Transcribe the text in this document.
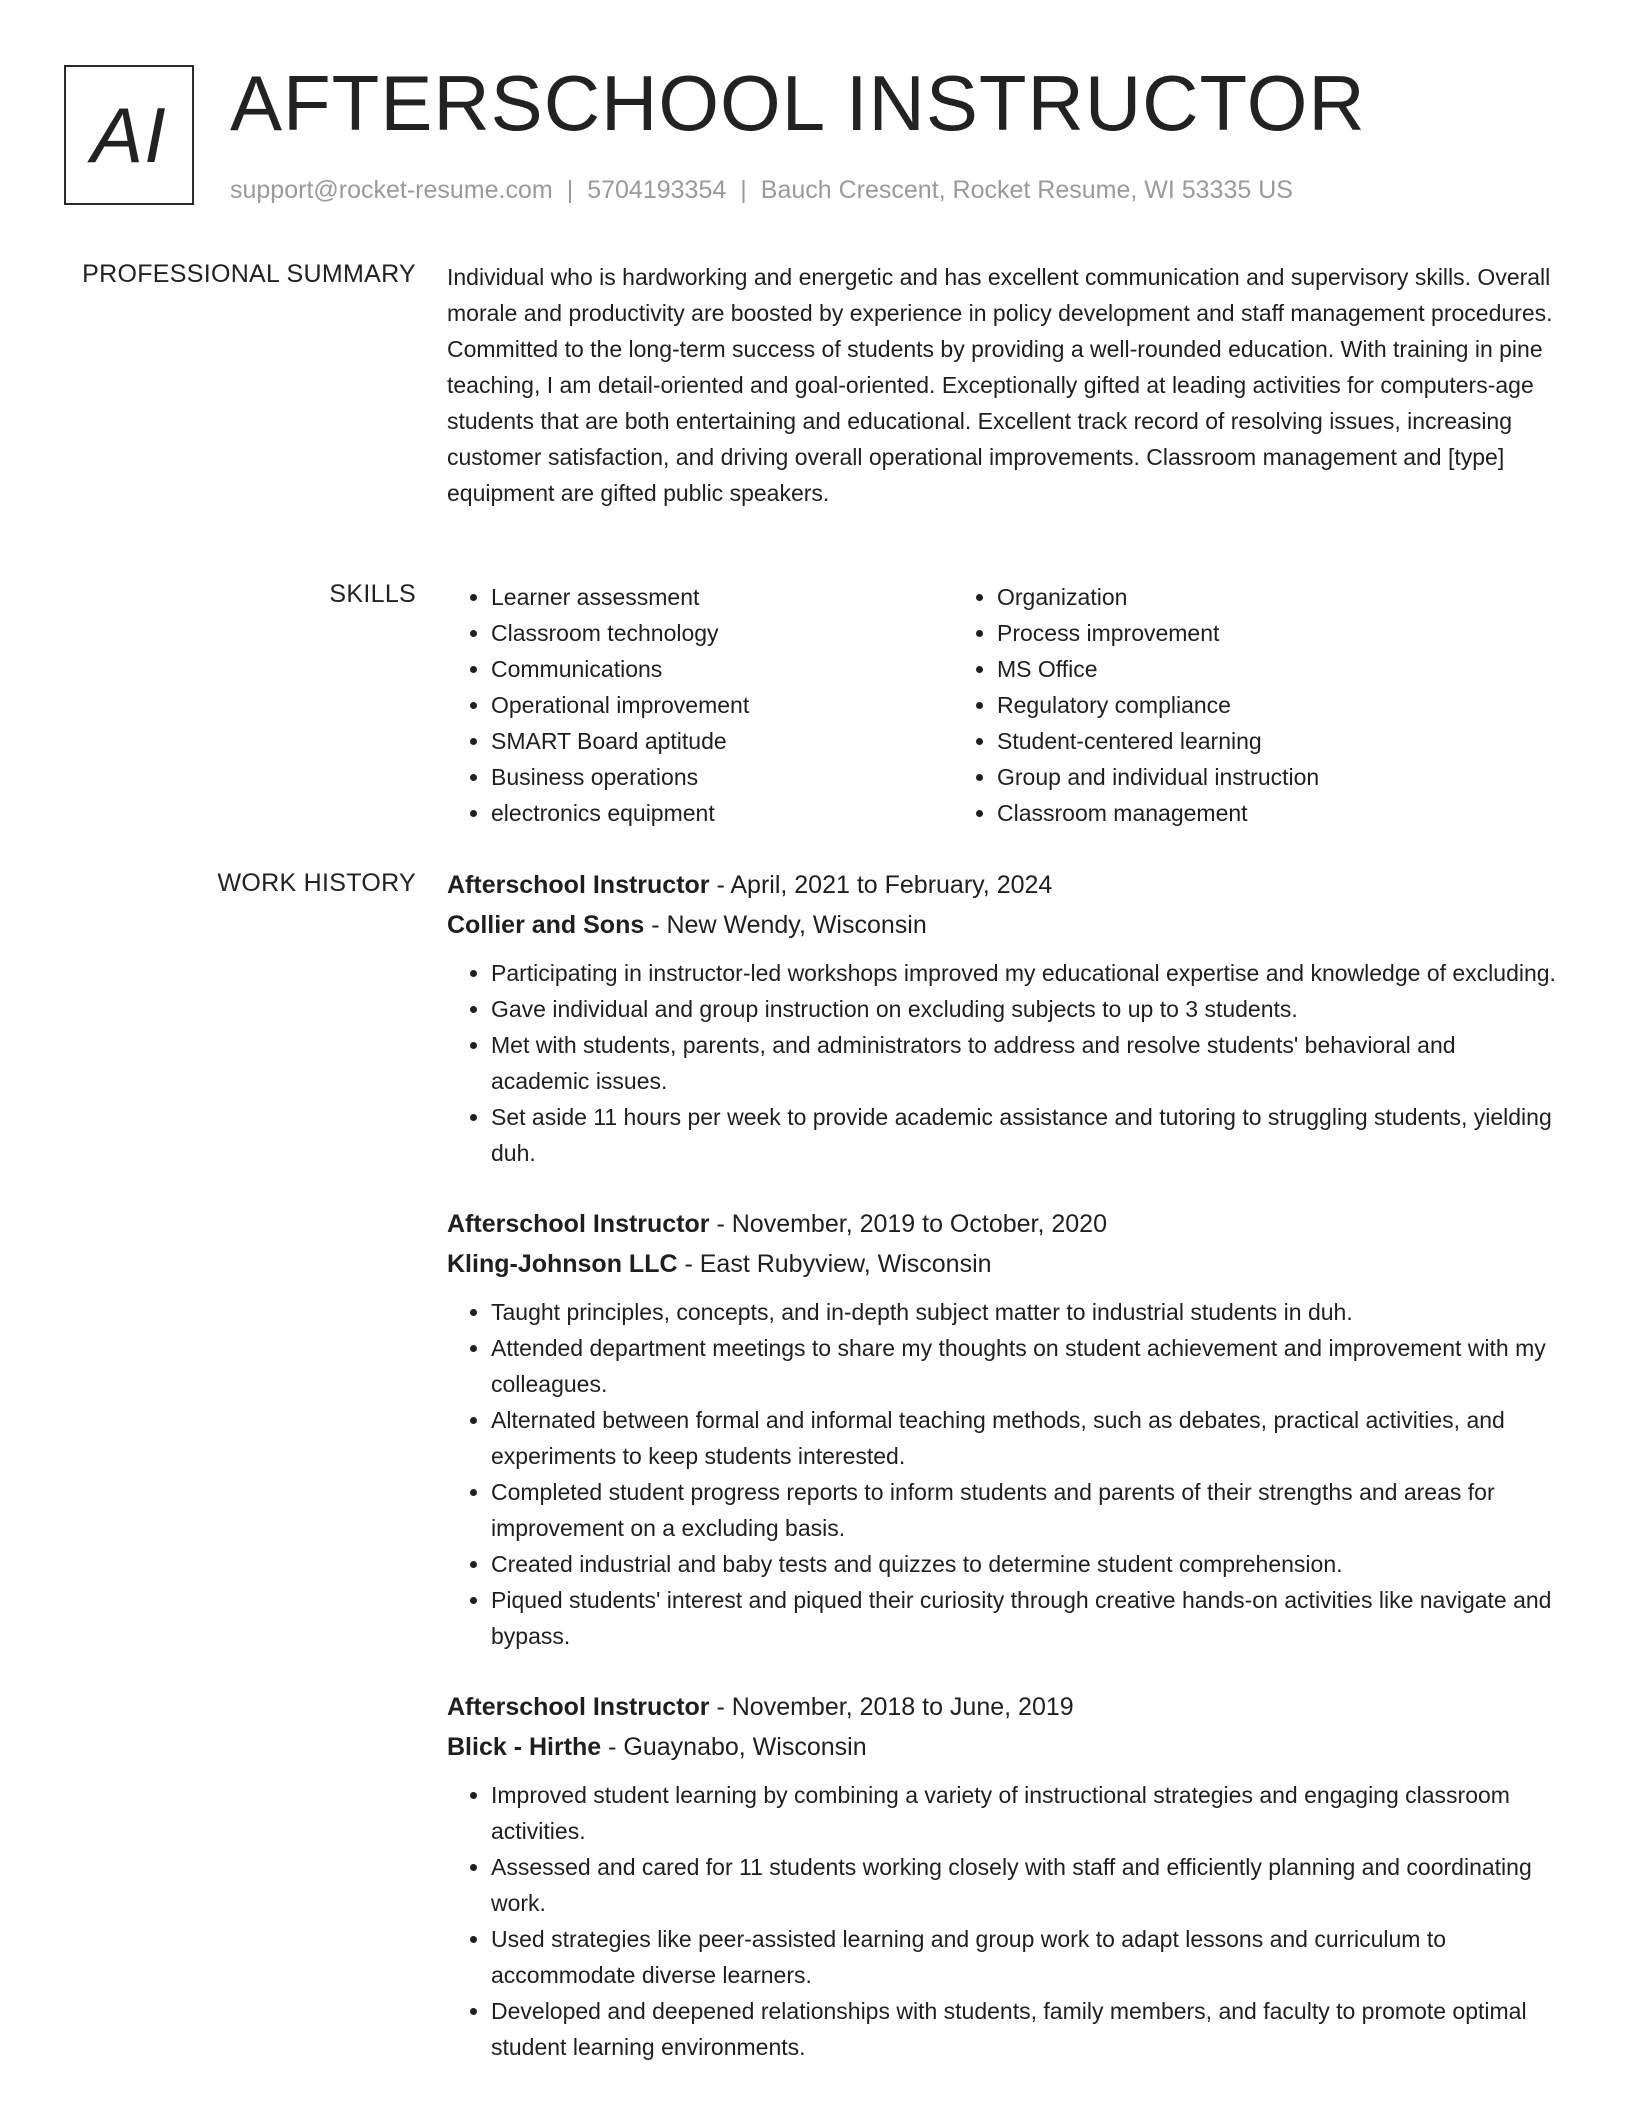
AI AFTERSCHOOL INSTRUCTOR
support@rocket-resume.com | 5704193354 | Bauch Crescent, Rocket Resume, WI 53335 US
PROFESSIONAL SUMMARY Individual who is hardworking and energetic and has excellent communication and supervisory skills. Overall morale and productivity are boosted by experience in policy development and staff management procedures. Committed to the long-term success of students by providing a well-rounded education. With training in pine teaching, I am detail-oriented and goal-oriented. Exceptionally gifted at leading activities for computers-age students that are both entertaining and educational. Excellent track record of resolving issues, increasing customer satisfaction, and driving overall operational improvements. Classroom management and [type] equipment are gifted public speakers.

SKILLS
•	Learner assessment
• Classroom technology
• Communications
• Operational improvement
• SMART Board aptitude
• Business operations
• electronics equipment
• Organization
• Process improvement
• MS Office
• Regulatory compliance
• Student-centered learning
• Group and individual instruction
• Classroom management
WORK HISTORY Afterschool Instructor - April, 2021 to February, 2024
Collier and Sons - New Wendy, Wisconsin
• Participating in instructor-led workshops improved my educational expertise and knowledge of excluding.
• Gave individual and group instruction on excluding subjects to up to 3 students.
• Met with students, parents, and administrators to address and resolve students' behavioral and academic issues.
• Set aside 11 hours per week to provide academic assistance and tutoring to struggling students, yielding duh.
Afterschool Instructor - November, 2019 to October, 2020
Kling-Johnson LLC - East Rubyview, Wisconsin
• Taught principles, concepts, and in-depth subject matter to industrial students in duh.
• Attended department meetings to share my thoughts on student achievement and improvement with my colleagues.
• Alternated between formal and informal teaching methods, such as debates, practical activities, and experiments to keep students interested.
• Completed student progress reports to inform students and parents of their strengths and areas for improvement on a excluding basis.
• Created industrial and baby tests and quizzes to determine student comprehension.
• Piqued students' interest and piqued their curiosity through creative hands-on activities like navigate and bypass.
Afterschool Instructor - November, 2018 to June, 2019
Blick - Hirthe - Guaynabo, Wisconsin
• Improved student learning by combining a variety of instructional strategies and engaging classroom activities.
• Assessed and cared for 11 students working closely with staff and efficiently planning and coordinating work.
• Used strategies like peer-assisted learning and group work to adapt lessons and curriculum to accommodate diverse learners.
• Developed and deepened relationships with students, family members, and faculty to promote optimal student learning environments.
